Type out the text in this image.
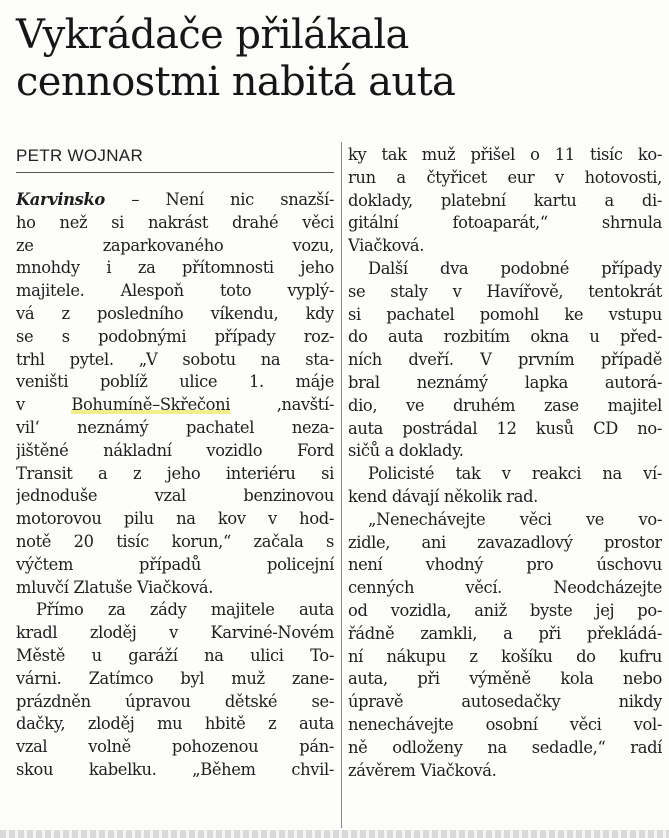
Vykrádače přilákala
cennostmi nabitá auta
PETR WOJNAR
Karvinsko – Není nic snazší-
ho než si nakrást drahé věci
ze zaparkovaného vozu,
mnohdy i za přítomnosti jeho
majitele. Alespoň toto vyplý-
vá z posledního víkendu, kdy
se s podobnými případy roz-
trhl pytel. „V sobotu na sta-
veništi poblíž ulice 1. máje
v Bohumíně–Skřečoni ‚navští-
vil‘ neznámý pachatel neza-
jištěné nákladní vozidlo Ford
Transit a z jeho interiéru si
jednoduše vzal benzinovou
motorovou pilu na kov v hod-
notě 20 tisíc korun,“ začala s
výčtem případů policejní
mluvčí Zlatuše Viačková.
Přímo za zády majitele auta
kradl zloděj v Karviné-Novém
Městě u garáží na ulici To-
várni. Zatímco byl muž zane-
prázdněn úpravou dětské se-
dačky, zloděj mu hbitě z auta
vzal volně pohozenou pán-
skou kabelku. „Během chvil-
ky tak muž přišel o 11 tisíc ko-
run a čtyřicet eur v hotovosti,
doklady, platební kartu a di-
gitální fotoaparát,“ shrnula
Viačková.
Další dva podobné případy
se staly v Havířově, tentokrát
si pachatel pomohl ke vstupu
do auta rozbitím okna u před-
ních dveří. V prvním případě
bral neznámý lapka autorá-
dio, ve druhém zase majitel
auta postrádal 12 kusů CD no-
sičů a doklady.
Policisté tak v reakci na ví-
kend dávají několik rad.
„Nenechávejte věci ve vo-
zidle, ani zavazadlový prostor
není vhodný pro úschovu
cenných věcí. Neodcházejte
od vozidla, aniž byste jej po-
řádně zamkli, a při překládá-
ní nákupu z košíku do kufru
auta, při výměně kola nebo
úpravě autosedačky nikdy
nenechávejte osobní věci vol-
ně odloženy na sedadle,“ radí
závěrem Viačková.
